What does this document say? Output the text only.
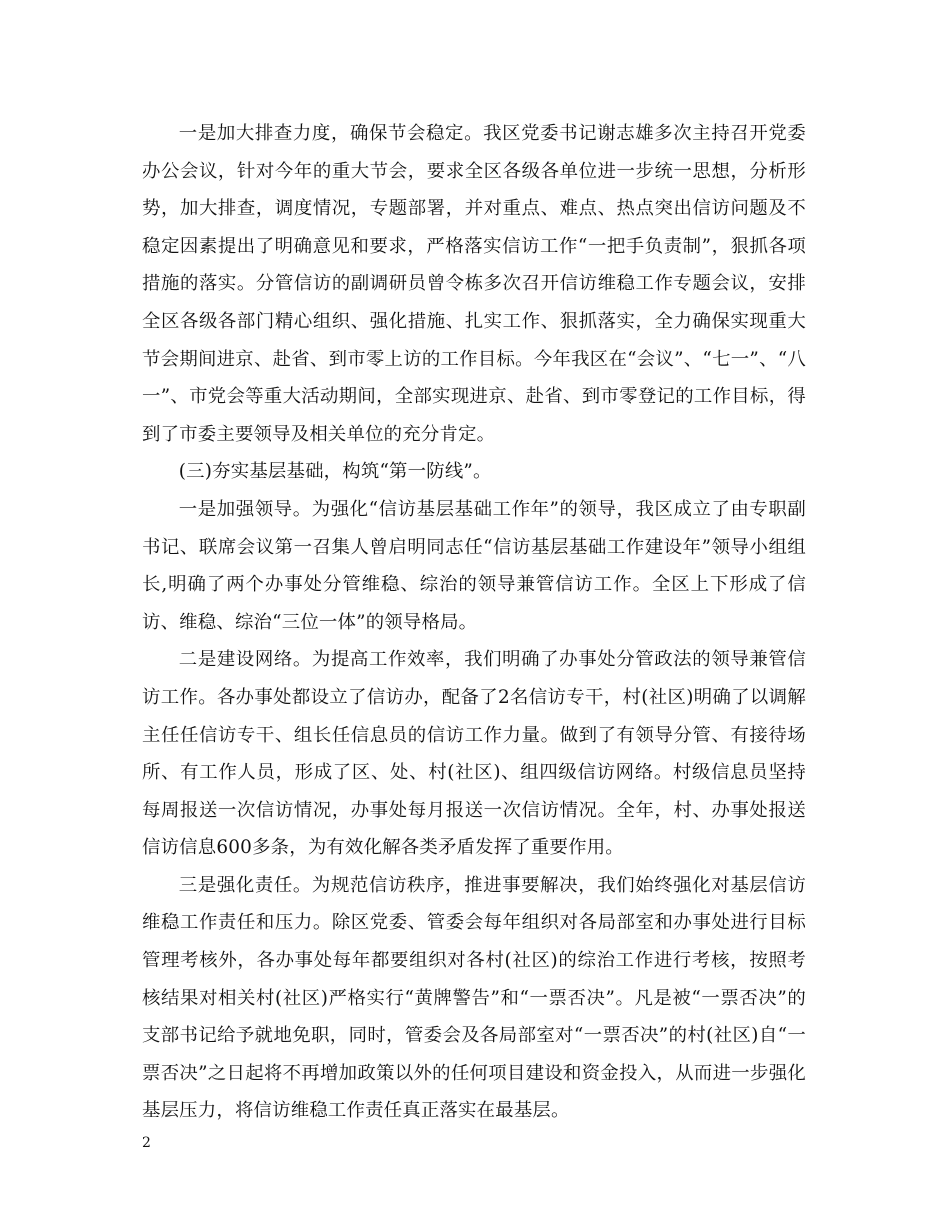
一是加大排查力度，确保节会稳定。我区党委书记谢志雄多次主持召开党委办公会议，针对今年的重大节会，要求全区各级各单位进一步统一思想，分析形势，加大排查，调度情况，专题部署，并对重点、难点、热点突出信访问题及不稳定因素提出了明确意见和要求，严格落实信访工作“一把手负责制”，狠抓各项措施的落实。分管信访的副调研员曾令栋多次召开信访维稳工作专题会议，安排全区各级各部门精心组织、强化措施、扎实工作、狠抓落实，全力确保实现重大节会期间进京、赴省、到市零上访的工作目标。今年我区在“会议”、“七一”、“八一”、市党会等重大活动期间，全部实现进京、赴省、到市零登记的工作目标，得到了市委主要领导及相关单位的充分肯定。

(三)夯实基层基础，构筑“第一防线”。

一是加强领导。为强化“信访基层基础工作年”的领导，我区成立了由专职副书记、联席会议第一召集人曾启明同志任“信访基层基础工作建设年”领导小组组长,明确了两个办事处分管维稳、综治的领导兼管信访工作。全区上下形成了信访、维稳、综治“三位一体”的领导格局。

二是建设网络。为提高工作效率，我们明确了办事处分管政法的领导兼管信访工作。各办事处都设立了信访办，配备了2名信访专干，村(社区)明确了以调解主任任信访专干、组长任信息员的信访工作力量。做到了有领导分管、有接待场所、有工作人员，形成了区、处、村(社区)、组四级信访网络。村级信息员坚持每周报送一次信访情况，办事处每月报送一次信访情况。全年，村、办事处报送信访信息600多条，为有效化解各类矛盾发挥了重要作用。

三是强化责任。为规范信访秩序，推进事要解决，我们始终强化对基层信访维稳工作责任和压力。除区党委、管委会每年组织对各局部室和办事处进行目标管理考核外，各办事处每年都要组织对各村(社区)的综治工作进行考核，按照考核结果对相关村(社区)严格实行“黄牌警告”和“一票否决”。凡是被“一票否决”的支部书记给予就地免职，同时，管委会及各局部室对“一票否决”的村(社区)自“一票否决”之日起将不再增加政策以外的任何项目建设和资金投入，从而进一步强化基层压力，将信访维稳工作责任真正落实在最基层。

2
